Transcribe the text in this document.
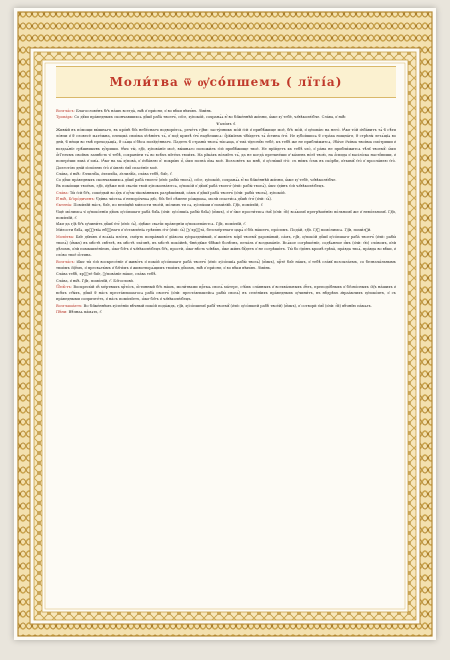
Моли́тва ѿ ѹ҆со́пшемъ ( лїті́а)

Возгла́съ: Благослове́нъ бг҃ъ на́шъ всегда̀, нн҃ѣ и҆ при́снѡ, и҆ во вѣ́ки вѣкѡ́въ. А҆ми́нь.

Тропа́рь: Со дꙋ́хи пра́ведныхъ скончавшихсѧ дꙋ́шꙋ раба̀ твоегѡ̀, сп҃се, ᲂу҆поко́й, сохранѧ́ѧ ю҆̀ во бл҃же́ннѣй жи́зни, ꙗ҆́же ᲂу҆ тебѐ, чл҃вѣколю́бче. Сла́ва, и҆ нн҃ѣ:

Ѱало́мъ ч҃.

Живы́й въ по́мощи вы́шнѧгѡ, въ кро́вѣ бг҃а небе́снагѡ водвори́тсѧ, рече́тъ гд҇ви: засту́пникъ мо́й є҆сѝ и҆ прибѣ́жище моѐ, бг҃ъ мо́й, и҆ ᲂу҆пова́ю на него̀. Ꙗ҆́кѡ то́й и҆зба́витъ тѧ̀ ѿ сѣ́ти ло́вчи и҆ ѿ словесѐ мѧте́жна, плещма̀ свои́ма ѡ҆сѣни́тъ тѧ̀, и҆ под̾ крилѣ̀ є҆гѡ̀ надѣ́ешисѧ: ѻ҆́рꙋжїемъ ѡ҆бы́детъ тѧ̀ и҆́стина є҆гѡ̀. Не ᲂу҆бои́шисѧ ѿ стра́ха нощна́гѡ, ѿ стрѣлы̀ летѧ́щїѧ во днѝ, ѿ ве́щи во тмѣ̀ преходѧ́щїѧ, ѿ сѧ́ща и҆ бѣса полꙋде́ннагѡ. Падетъ ѿ страны̀ твоеѧ̀ ты́сѧща, и҆ тма̀ ѡ҆деснꙋ́ю тебѐ, къ тебѣ́ же не прибли́житсѧ, ѻ҆ба́че ѻ҆чи́ма твои́ма смо́триши и҆ воздаѧ́нїе грѣ́шникѡвъ ᲂу҆́зриши. Ꙗ҆́кѡ ты̀, гд҇и, ᲂу҆пова́нїе моѐ, вы́шнѧго положи́лъ є҆сѝ прибѣ́жище твоѐ. Не прїи́детъ къ тебѣ̀ ѕло̀, и҆ ра́на не прибли́житсѧ тѣ́лꙋ твоемꙋ̀: ꙗ҆́кѡ а҆́гГелѡмъ свои̑мъ запвѣ́сть ѡ҆ тебѣ̀, сохрани́ти тѧ̀ во всѣ́хъ пꙋте́хъ твои́хъ. На рꙋка́хъ во́змꙋтъ тѧ̀, да не когда̀ преткне́ши ѡ҆ ка́мень но́гꙋ твою̀, на а҆́спида и҆ васілі́ска настꙋ́пиши, и҆ попере́ши льва̀ и҆ ѕмі́ѧ. Ꙗ҆́кѡ на мѧ̀ ᲂу҆пова̀, и҆ и҆зба́влю и҆̀: покры́ю и҆̀, ꙗ҆́кѡ позна̀ и҆́мѧ моѐ. Воззове́тъ ко мнѣ̀, и҆ ᲂу҆слы́шꙋ є҆го̀: съ ни́мъ є҆́смь въ ско́рби, и҆зъимꙋ̀ є҆го̀ и҆ просла́влю є҆го̀. Долгото́ю дні́й и҆спо́лню є҆го̀ и҆ ꙗ҆влю̀ є҆мꙋ̀ спасе́нїе моѐ.

Сла́ва, и҆ нн҃ѣ: А҆ллилꙋ́їа, а҆ллилꙋ́їа, а҆ллилꙋ́їа, сла́ва тебѣ̀, бж҃е, г҃.

Со дꙋ́хи пра́ведныхъ скончавшихсѧ дꙋ́шꙋ раба̀ твоегѡ̀ (и҆лѝ: рабы̀ твоеѧ̀), сп҃се, ᲂу҆поко́й, сохранѧ́ѧ ю҆̀ во бл҃же́ннѣй жи́зни, ꙗ҆́же ᲂу҆ тебѐ, чл҃вѣколю́бче.

Въ поко́ищи твое́мъ, гд҇и, и҆дѣ́же всѝ свѧті́и твоѝ ᲂу҆покоева́ютсѧ, ᲂу҆поко́й и҆ дꙋ́шꙋ раба̀ твоегѡ̀ (и҆лѝ: рабы̀ твоеѧ̀), ꙗ҆́кѡ є҆ди́нъ є҆сѝ чл҃вѣколю́бецъ.

Сла́ва: Ты̀ є҆сѝ бг҃ъ, соше́дый во а҆́дъ и҆ ᲂу҆́зы ѡ҆кова́нныхъ разрѣши́вый, са́мъ и҆ дꙋ́шꙋ раба̀ твоегѡ̀ (и҆лѝ: рабы̀ твоеѧ̀), ᲂу҆поко́й.

И҆ нн҃ѣ, Бг҃оро́диченъ: Є҆ди́на чи́стаѧ и҆ непоро́чнаѧ дв҃о, бг҃а без̾ сѣ́мене ро́ждшаѧ, молѝ спасти́сѧ дꙋ́шѣ є҆гѡ̀ (и҆лѝ: є҆ѧ̀).

Єктені́а: Поми́лꙋй на́съ, бж҃е, по вели́цѣй ми́лости твое́й, мо́лимъ ти сѧ, ᲂу҆слы́ши и҆ поми́лꙋй. Гд҇и, поми́лꙋй, г҃.

Є҆щѐ мо́лимсѧ ѡ҆ ᲂу҆поко́енїи дꙋ́шъ ᲂу҆со́пшагѡ раба̀ бж҃їѧ (и҆лѝ: ᲂу҆со́пшїѧ рабы̀ бж҃їѧ) (и҆́мкъ), и҆ ѡ҆ є҆́же прости́тисѧ є҆мꙋ̀ (и҆лѝ: є҆́й) всѧ́комꙋ прегрѣше́нїю во́льномꙋ же и҆ нево́льномꙋ. Гд҇и, поми́лꙋй, г҃.

Ꙗ҆́кѡ да гд҇ь бг҃ъ ᲂу҆чини́тъ дꙋ́шꙋ є҆гѡ̀ (и҆лѝ: є҆ѧ̀), и҆дѣ́же свѧтї́и пра́веднїи ᲂу҆покоева́ютсѧ. Гд҇и, поми́лꙋй, г҃.

Ми́лости бж҃їѧ, црⷭ҇твїѧ нбⷭ҇нагѡ и҆ ѡ҆ставле́нїѧ грѣхѡ́въ є҆гѡ̀ (и҆лѝ: є҆ѧ̀) ᲂу҆ хрⷭ҇та̀, безсме́ртнагѡ царѧ̀ и҆ бг҃а на́шегѡ, про́симъ. Пода́й, гд҇и. Гд҇ꙋ помо́лимсѧ. Гд҇и, поми́лꙋй.

Моли́тва: Бж҃е дꙋхѡ́въ и҆ всѧ́кїѧ пло́ти, сме́рть попра́вый и҆ дїа́вола ᲂу҆праздни́вый, и҆ живо́тъ мі́рꙋ твоемꙋ̀ дарова́вый, са́мъ, гд҇и, ᲂу҆поко́й дꙋ́шꙋ ᲂу҆со́пшагѡ раба̀ твоегѡ̀ (и҆лѝ: рабы̀ твоеѧ̀) (и҆́мкъ) въ мѣ́стѣ свѣ́тлѣ, въ мѣ́стѣ зла́чнѣ, въ мѣ́стѣ поко́йнѣ, ѿню́дꙋже ѿбѣжѐ болѣ́знь, печа́ль и҆ воздыха́нїе. Всѧ́кое согрѣше́нїе, содѣ́ѧнное и҆́мъ (и҆лѝ: є҆ю̀) сло́вомъ, и҆лѝ дѣ́ломъ, и҆лѝ помышле́нїемъ, ꙗ҆́кѡ бл҃гъ и҆ чл҃вѣколю́бецъ бг҃ъ, простѝ, ꙗ҆́кѡ нѣ́сть чл҃вѣ́къ, и҆́же жи́въ бꙋ́детъ и҆ не согрѣши́тъ. Ты́ бо є҆ди́нъ кромѣ̀ грѣха̀, пра́вда твоѧ̀, пра́вда во вѣ́ки, и҆ сло́во твоѐ и҆́стина.

Возгла́съ: Ꙗ҆́кѡ ты̀ є҆сѝ воскресе́нїе и҆ живо́тъ и҆ поко́й ᲂу҆со́пшагѡ раба̀ твоегѡ̀ (и҆лѝ: ᲂу҆со́пшїѧ рабы̀ твоеѧ̀) (и҆́мкъ), хрⷭ҇тѐ бж҃е на́шъ, и҆ тебѣ̀ сла́вꙋ возсыла́емъ, со безнача́льнымъ твои́мъ ѻ҆ц҃е́мъ, и҆ пресвѧты́мъ и҆ бл҃ги́мъ и҆ животворѧ́щимъ твои́мъ дꙋ́хомъ, нн҃ѣ и҆ при́снѡ, и҆ во вѣ́ки вѣкѡ́въ. А҆ми́нь.

Сла́ва тебѣ̀, хрⷭ҇тѐ бж҃е, ᲂу҆пова́нїе на́ше, сла́ва тебѣ̀.

Сла́ва, и҆ нн҃ѣ. Гд҇и, поми́лꙋй, г҃. Бл҃гословѝ.

Ѿпꙋ́стъ: Воскресы́й и҆з̾ ме́ртвыхъ хрⷭ҇то́съ, и҆́стинный бг҃ъ на́шъ, моли́твами прⷭ҇тыѧ своеѧ̀ ма́тере, ст҃ы́хъ сла́вныхъ и҆ всехва́льныхъ а҆пⷭ҇лъ, преподо́бныхъ и҆ бг҃оно́сныхъ ѻ҆ц҃ъ на́шихъ и҆ всѣ́хъ ст҃ы́хъ, дꙋ́шꙋ ѿ на́съ преста́вльшагосѧ раба̀ своегѡ̀ (и҆лѝ: преста́вльшейсѧ рабы̀ своеѧ̀) въ селе́нїихъ пра́ведныхъ ᲂу҆чини́тъ, въ нѣ́дрѣхъ а҆враа́млихъ ᲂу҆поко́итъ, и҆ съ пра́ведными сопричте́тъ, и҆ на́съ поми́лꙋетъ, ꙗ҆́кѡ бл҃гъ и҆ чл҃вѣколю́бецъ.

Возглаша́етъ: Во бл҃же́ннѣмъ ᲂу҆спе́нїи вѣ́чный поко́й пода́ждь, гд҇и, ᲂу҆со́пшемꙋ рабꙋ̀ твоемꙋ̀ (и҆лѝ: ᲂу҆со́пшей рабѣ̀ твое́й) (и҆́мкъ), и҆ сотворѝ є҆мꙋ̀ (и҆лѝ: є҆́й) вѣ́чнꙋю па́мѧть.

Пѣ́ни: Вѣ́чнаѧ па́мѧть, г҃.
